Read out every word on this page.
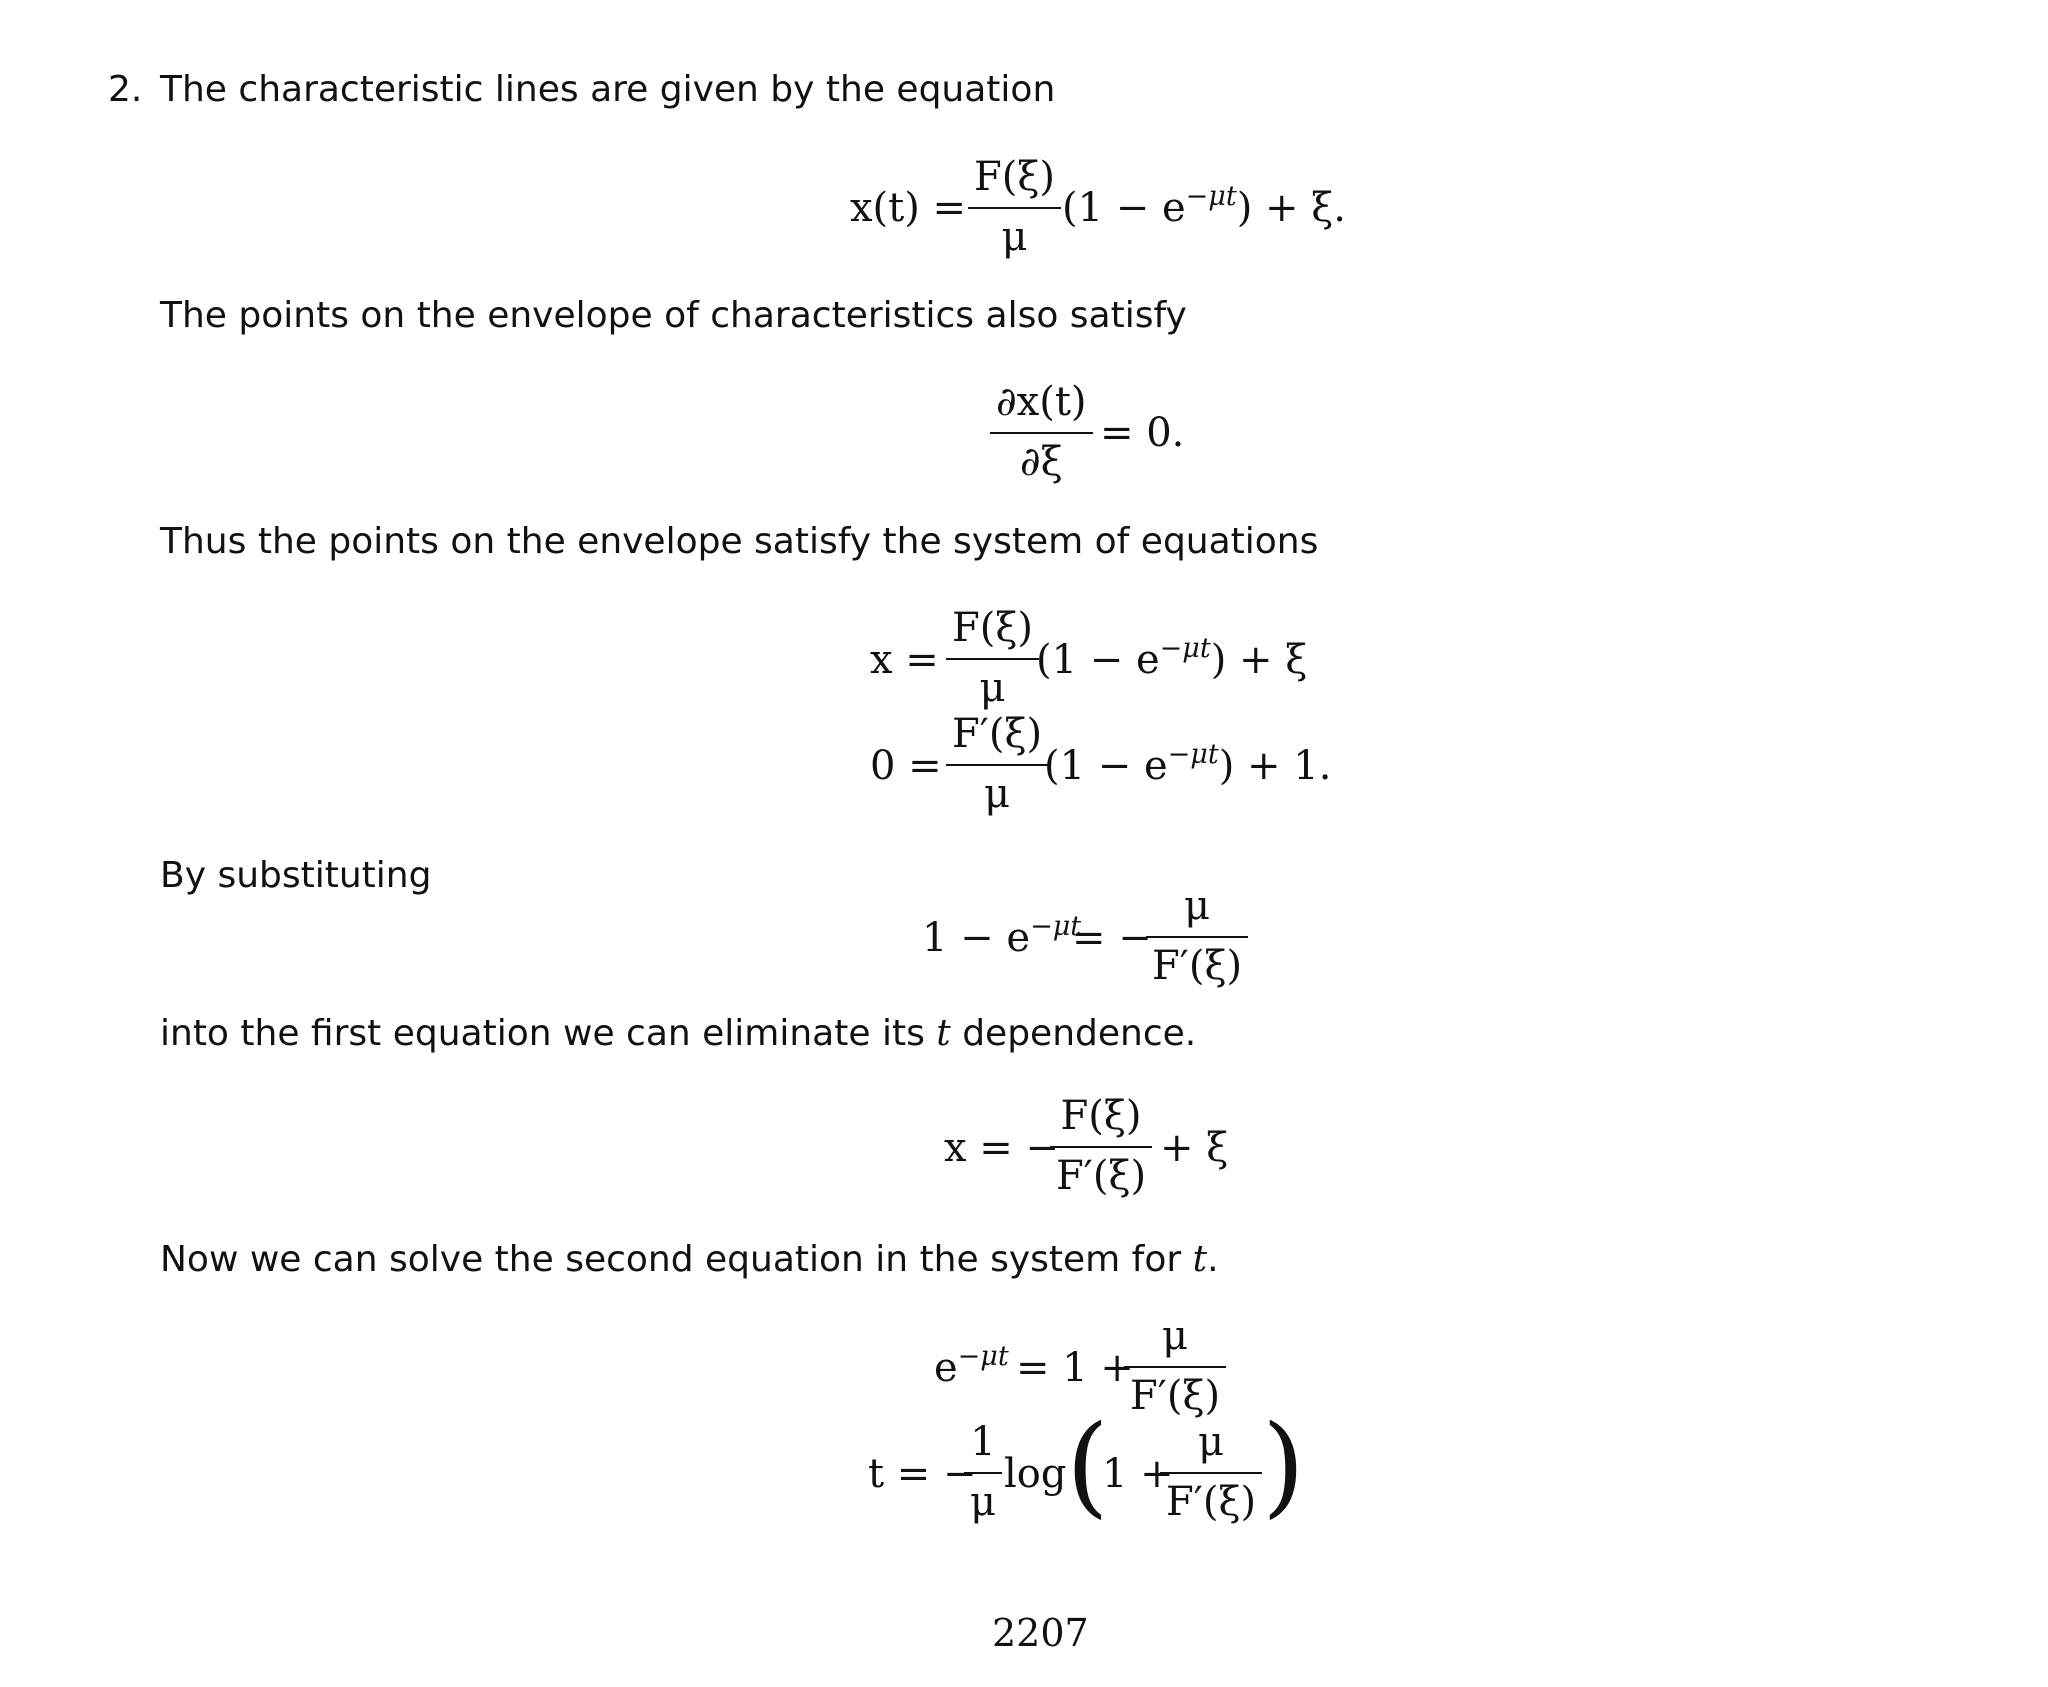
2. The characteristic lines are given by the equation
x(t) =
F(ξ)
μ
$(1 - e^{-\mu t}) + \xi$.
The points on the envelope of characteristics also satisfy
∂x(t)
∂ξ
= 0.
Thus the points on the envelope satisfy the system of equations
x =
F(ξ)
μ
$(1 - e^{-\mu t}) + \xi$
0 =
F′(ξ)
μ
$(1 - e^{-\mu t}) + 1$.
By substituting
$1 - e^{-\mu t}$
= −
μ
F′(ξ)
into the first equation we can eliminate its t dependence.
x = −
F(ξ)
F′(ξ)
+ ξ
Now we can solve the second equation in the system for t.
$e^{-\mu t} = 1$ +
μ
F′(ξ)
t = −
1
μ
log (
1 +
μ
F′(ξ) )
2207
